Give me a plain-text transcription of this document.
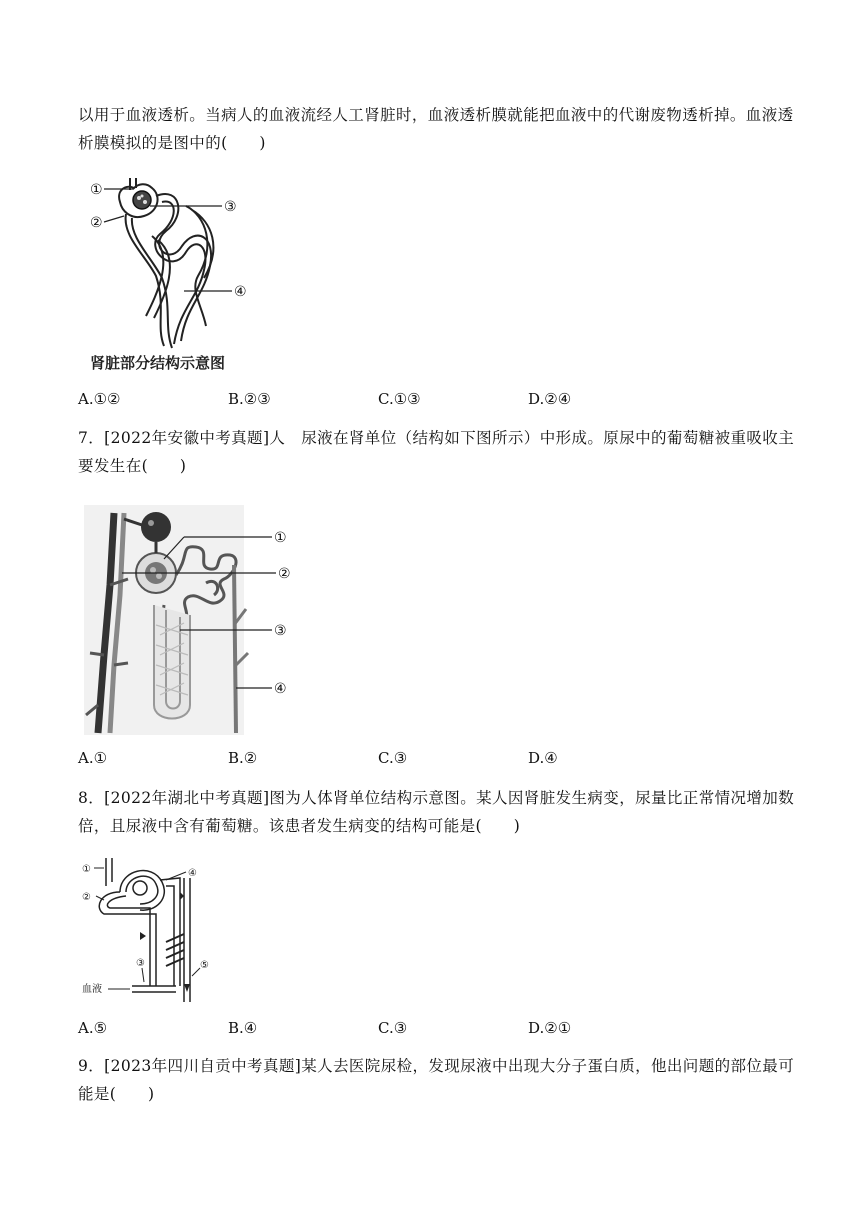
以用于血液透析。当病人的血液流经人工肾脏时，血液透析膜就能把血液中的代谢废物透析掉。血液透析膜模拟的是图中的(　　)
①
②
③
④
肾脏部分结构示意图
A.①②	B.②③	C.①③	D.②④
7．[2022年安徽中考真题]人　尿液在肾单位（结构如下图所示）中形成。原尿中的葡萄糖被重吸收主要发生在(　　)
①
②
③
④
A.①	B.②	C.③	D.④
8．[2022年湖北中考真题]图为人体肾单位结构示意图。某人因肾脏发生病变，尿量比正常情况增加数倍，且尿液中含有葡萄糖。该患者发生病变的结构可能是(　　)
①
②
③
④
⑤
血液
A.⑤	B.④	C.③	D.②①
9．[2023年四川自贡中考真题]某人去医院尿检，发现尿液中出现大分子蛋白质，他出问题的部位最可能是(　　)
